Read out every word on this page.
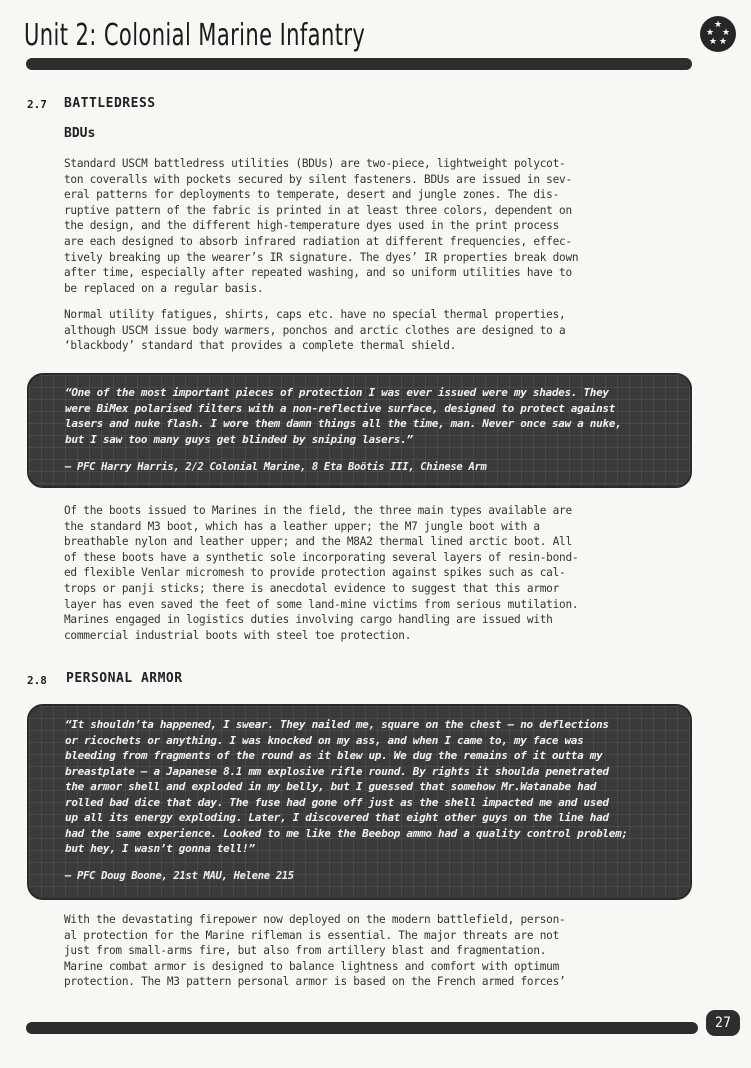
Unit 2: Colonial Marine Infantry	★
★ ★
★ ★
2.7 BATTLEDRESS
BDUs
Standard USCM battledress utilities (BDUs) are two-piece, lightweight polycot-
ton coveralls with pockets secured by silent fasteners. BDUs are issued in sev-
eral patterns for deployments to temperate, desert and jungle zones. The dis-
ruptive pattern of the fabric is printed in at least three colors, dependent on
the design, and the different high-temperature dyes used in the print process
are each designed to absorb infrared radiation at different frequencies, effec-
tively breaking up the wearer’s IR signature. The dyes’ IR properties break down
after time, especially after repeated washing, and so uniform utilities have to
be replaced on a regular basis.
Normal utility fatigues, shirts, caps etc. have no special thermal properties,
although USCM issue body warmers, ponchos and arctic clothes are designed to a
‘blackbody’ standard that provides a complete thermal shield.
“One of the most important pieces of protection I was ever issued were my shades. They
were BiMex polarised filters with a non-reflective surface, designed to protect against
lasers and nuke flash. I wore them damn things all the time, man. Never once saw a nuke,
but I saw too many guys get blinded by sniping lasers.”
– PFC Harry Harris, 2/2 Colonial Marine, 8 Eta Boötis III, Chinese Arm
Of the boots issued to Marines in the field, the three main types available are
the standard M3 boot, which has a leather upper; the M7 jungle boot with a
breathable nylon and leather upper; and the M8A2 thermal lined arctic boot. All
of these boots have a synthetic sole incorporating several layers of resin-bond-
ed flexible Venlar micromesh to provide protection against spikes such as cal-
trops or panji sticks; there is anecdotal evidence to suggest that this armor
layer has even saved the feet of some land-mine victims from serious mutilation.
Marines engaged in logistics duties involving cargo handling are issued with
commercial industrial boots with steel toe protection.
2.8 PERSONAL ARMOR
“It shouldn’ta happened, I swear. They nailed me, square on the chest – no deflections
or ricochets or anything. I was knocked on my ass, and when I came to, my face was
bleeding from fragments of the round as it blew up. We dug the remains of it outta my
breastplate – a Japanese 8.1 mm explosive rifle round. By rights it shoulda penetrated
the armor shell and exploded in my belly, but I guessed that somehow Mr.Watanabe had
rolled bad dice that day. The fuse had gone off just as the shell impacted me and used
up all its energy exploding. Later, I discovered that eight other guys on the line had
had the same experience. Looked to me like the Beebop ammo had a quality control problem;
but hey, I wasn’t gonna tell!”
– PFC Doug Boone, 21st MAU, Helene 215
With the devastating firepower now deployed on the modern battlefield, person-
al protection for the Marine rifleman is essential. The major threats are not
just from small-arms fire, but also from artillery blast and fragmentation.
Marine combat armor is designed to balance lightness and comfort with optimum
protection. The M3 pattern personal armor is based on the French armed forces’
27
